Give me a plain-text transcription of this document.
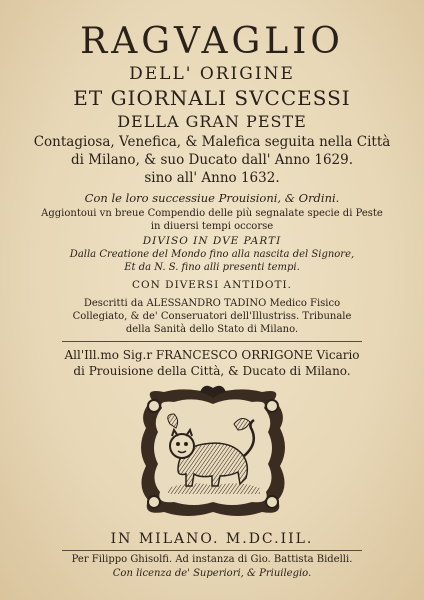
RAGVAGLIO
DELL' ORIGINE
ET GIORNALI SVCCESSI
DELLA GRAN PESTE
Contagiosa, Venefica, & Malefica seguita nella Città
di Milano, & suo Ducato dall' Anno 1629.
sino all' Anno 1632.
Con le loro successiue Prouisioni, & Ordini.
Aggiontoui vn breue Compendio delle più segnalate specie di Peste
in diuersi tempi occorse
DIVISO IN DVE PARTI
Dalla Creatione del Mondo fino alla nascita del Signore,
Et da N. S. fino alli presenti tempi.
CON DIVERSI ANTIDOTI.
Descritti da ALESSANDRO TADINO Medico Fisico
Collegiato, & de' Conseruatori dell'Illustriss. Tribunale
della Sanità dello Stato di Milano.
All'Ill.mo Sig.r FRANCESCO ORRIGONE Vicario
di Prouisione della Città, & Ducato di Milano.
IN MILANO. M.DC.IIL.
Per Filippo Ghisolfi. Ad instanza di Gio. Battista Bidelli.
Con licenza de' Superiori, & Priuilegio.
